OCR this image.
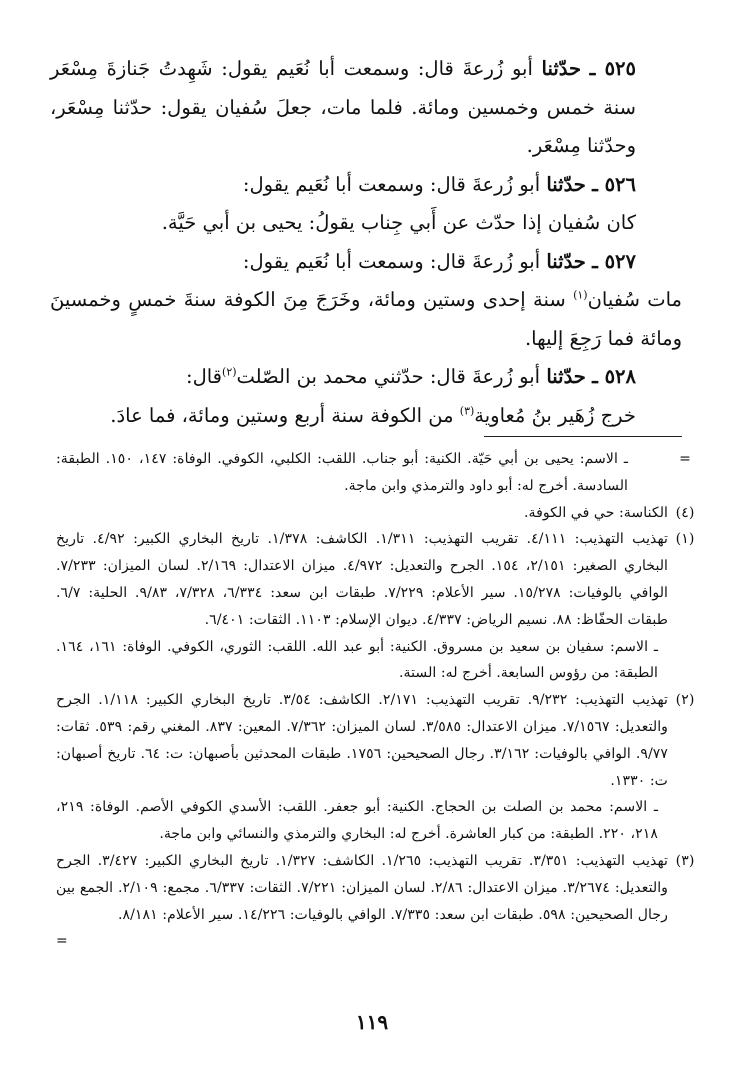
٥٢٥ ـ حدّثنا أبو زُرعةَ قال: وسمعت أبا نُعَيم يقول: شَهِدتُ جَنازةَ مِسْعَر سنة خمس وخمسين ومائة. فلما مات، جعلَ سُفيان يقول: حدّثنا مِسْعَر، وحدّثنا مِسْعَر.

٥٢٦ ـ حدّثنا أبو زُرعةَ قال: وسمعت أبا نُعَيم يقول:

كان سُفيان إذا حدّث عن أَبي جِناب يقولُ: يحيى بن أبي حَيَّة.

٥٢٧ ـ حدّثنا أبو زُرعةَ قال: وسمعت أبا نُعَيم يقول:

مات سُفيان$^{(١)}$ سنة إحدى وستين ومائة، وخَرَجَ مِنَ الكوفة سنةَ خمسٍ وخمسينَ ومائة فما رَجِعَ إليها.

٥٢٨ ـ حدّثنا أبو زُرعةَ قال: حدّثني محمد بن الصّلت$^{(٢)}$قال:

خرج زُهَير بنُ مُعاوية$^{(٣)}$ من الكوفة سنة أربع وستين ومائة، فما عادَ.

=
ـ الاسم: يحيى بن أبي حَيّة. الكنية: أبو جناب. اللقب: الكلبي، الكوفي. الوفاة: ١٤٧، ١٥٠. الطبقة: السادسة. أخرج له: أبو داود والترمذي وابن ماجة.

(٤)
الكناسة: حي في الكوفة.

(١)
تهذيب التهذيب: ٤/١١١. تقريب التهذيب: ١/٣١١. الكاشف: ١/٣٧٨. تاريخ البخاري الكبير: ٤/٩٢. تاريخ البخاري الصغير: ٢/١٥١، ١٥٤. الجرح والتعديل: ٤/٩٧٢. ميزان الاعتدال: ٢/١٦٩. لسان الميزان: ٧/٢٣٣. الوافي بالوفيات: ١٥/٢٧٨. سير الأعلام: ٧/٢٢٩. طبقات ابن سعد: ٦/٣٣٤، ٧/٣٢٨، ٩/٨٣. الحلية: ٦/٧. طبقات الحفّاظ: ٨٨. نسيم الرياض: ٤/٣٣٧. ديوان الإسلام: ١١٠٣. الثقات: ٦/٤٠١.

ـ الاسم: سفيان بن سعيد بن مسروق. الكنية: أبو عبد الله. اللقب: الثوري، الكوفي. الوفاة: ١٦١، ١٦٤. الطبقة: من رؤوس السابعة. أخرج له: الستة.

(٢)
تهذيب التهذيب: ٩/٢٣٢. تقريب التهذيب: ٢/١٧١. الكاشف: ٣/٥٤. تاريخ البخاري الكبير: ١/١١٨. الجرح والتعديل: ٧/١٥٦٧. ميزان الاعتدال: ٣/٥٨٥. لسان الميزان: ٧/٣٦٢. المعين: ٨٣٧. المغني رقم: ٥٣٩. ثقات: ٩/٧٧. الوافي بالوفيات: ٣/١٦٢. رجال الصحيحين: ١٧٥٦. طبقات المحدثين بأصبهان: ت: ٦٤. تاريخ أصبهان: ت: ١٣٣٠.

ـ الاسم: محمد بن الصلت بن الحجاج. الكنية: أبو جعفر. اللقب: الأسدي الكوفي الأصم. الوفاة: ٢١٩، ٢١٨، ٢٢٠. الطبقة: من كبار العاشرة. أخرج له: البخاري والترمذي والنسائي وابن ماجة.

(٣)
تهذيب التهذيب: ٣/٣٥١. تقريب التهذيب: ١/٢٦٥. الكاشف: ١/٣٢٧. تاريخ البخاري الكبير: ٣/٤٢٧. الجرح والتعديل: ٣/٢٦٧٤. ميزان الاعتدال: ٢/٨٦. لسان الميزان: ٧/٢٢١. الثقات: ٦/٣٣٧. مجمع: ٢/١٠٩. الجمع بين رجال الصحيحين: ٥٩٨. طبقات ابن سعد: ٧/٣٣٥. الوافي بالوفيات: ١٤/٢٢٦. سير الأعلام: ٨/١٨١.

=

١١٩
